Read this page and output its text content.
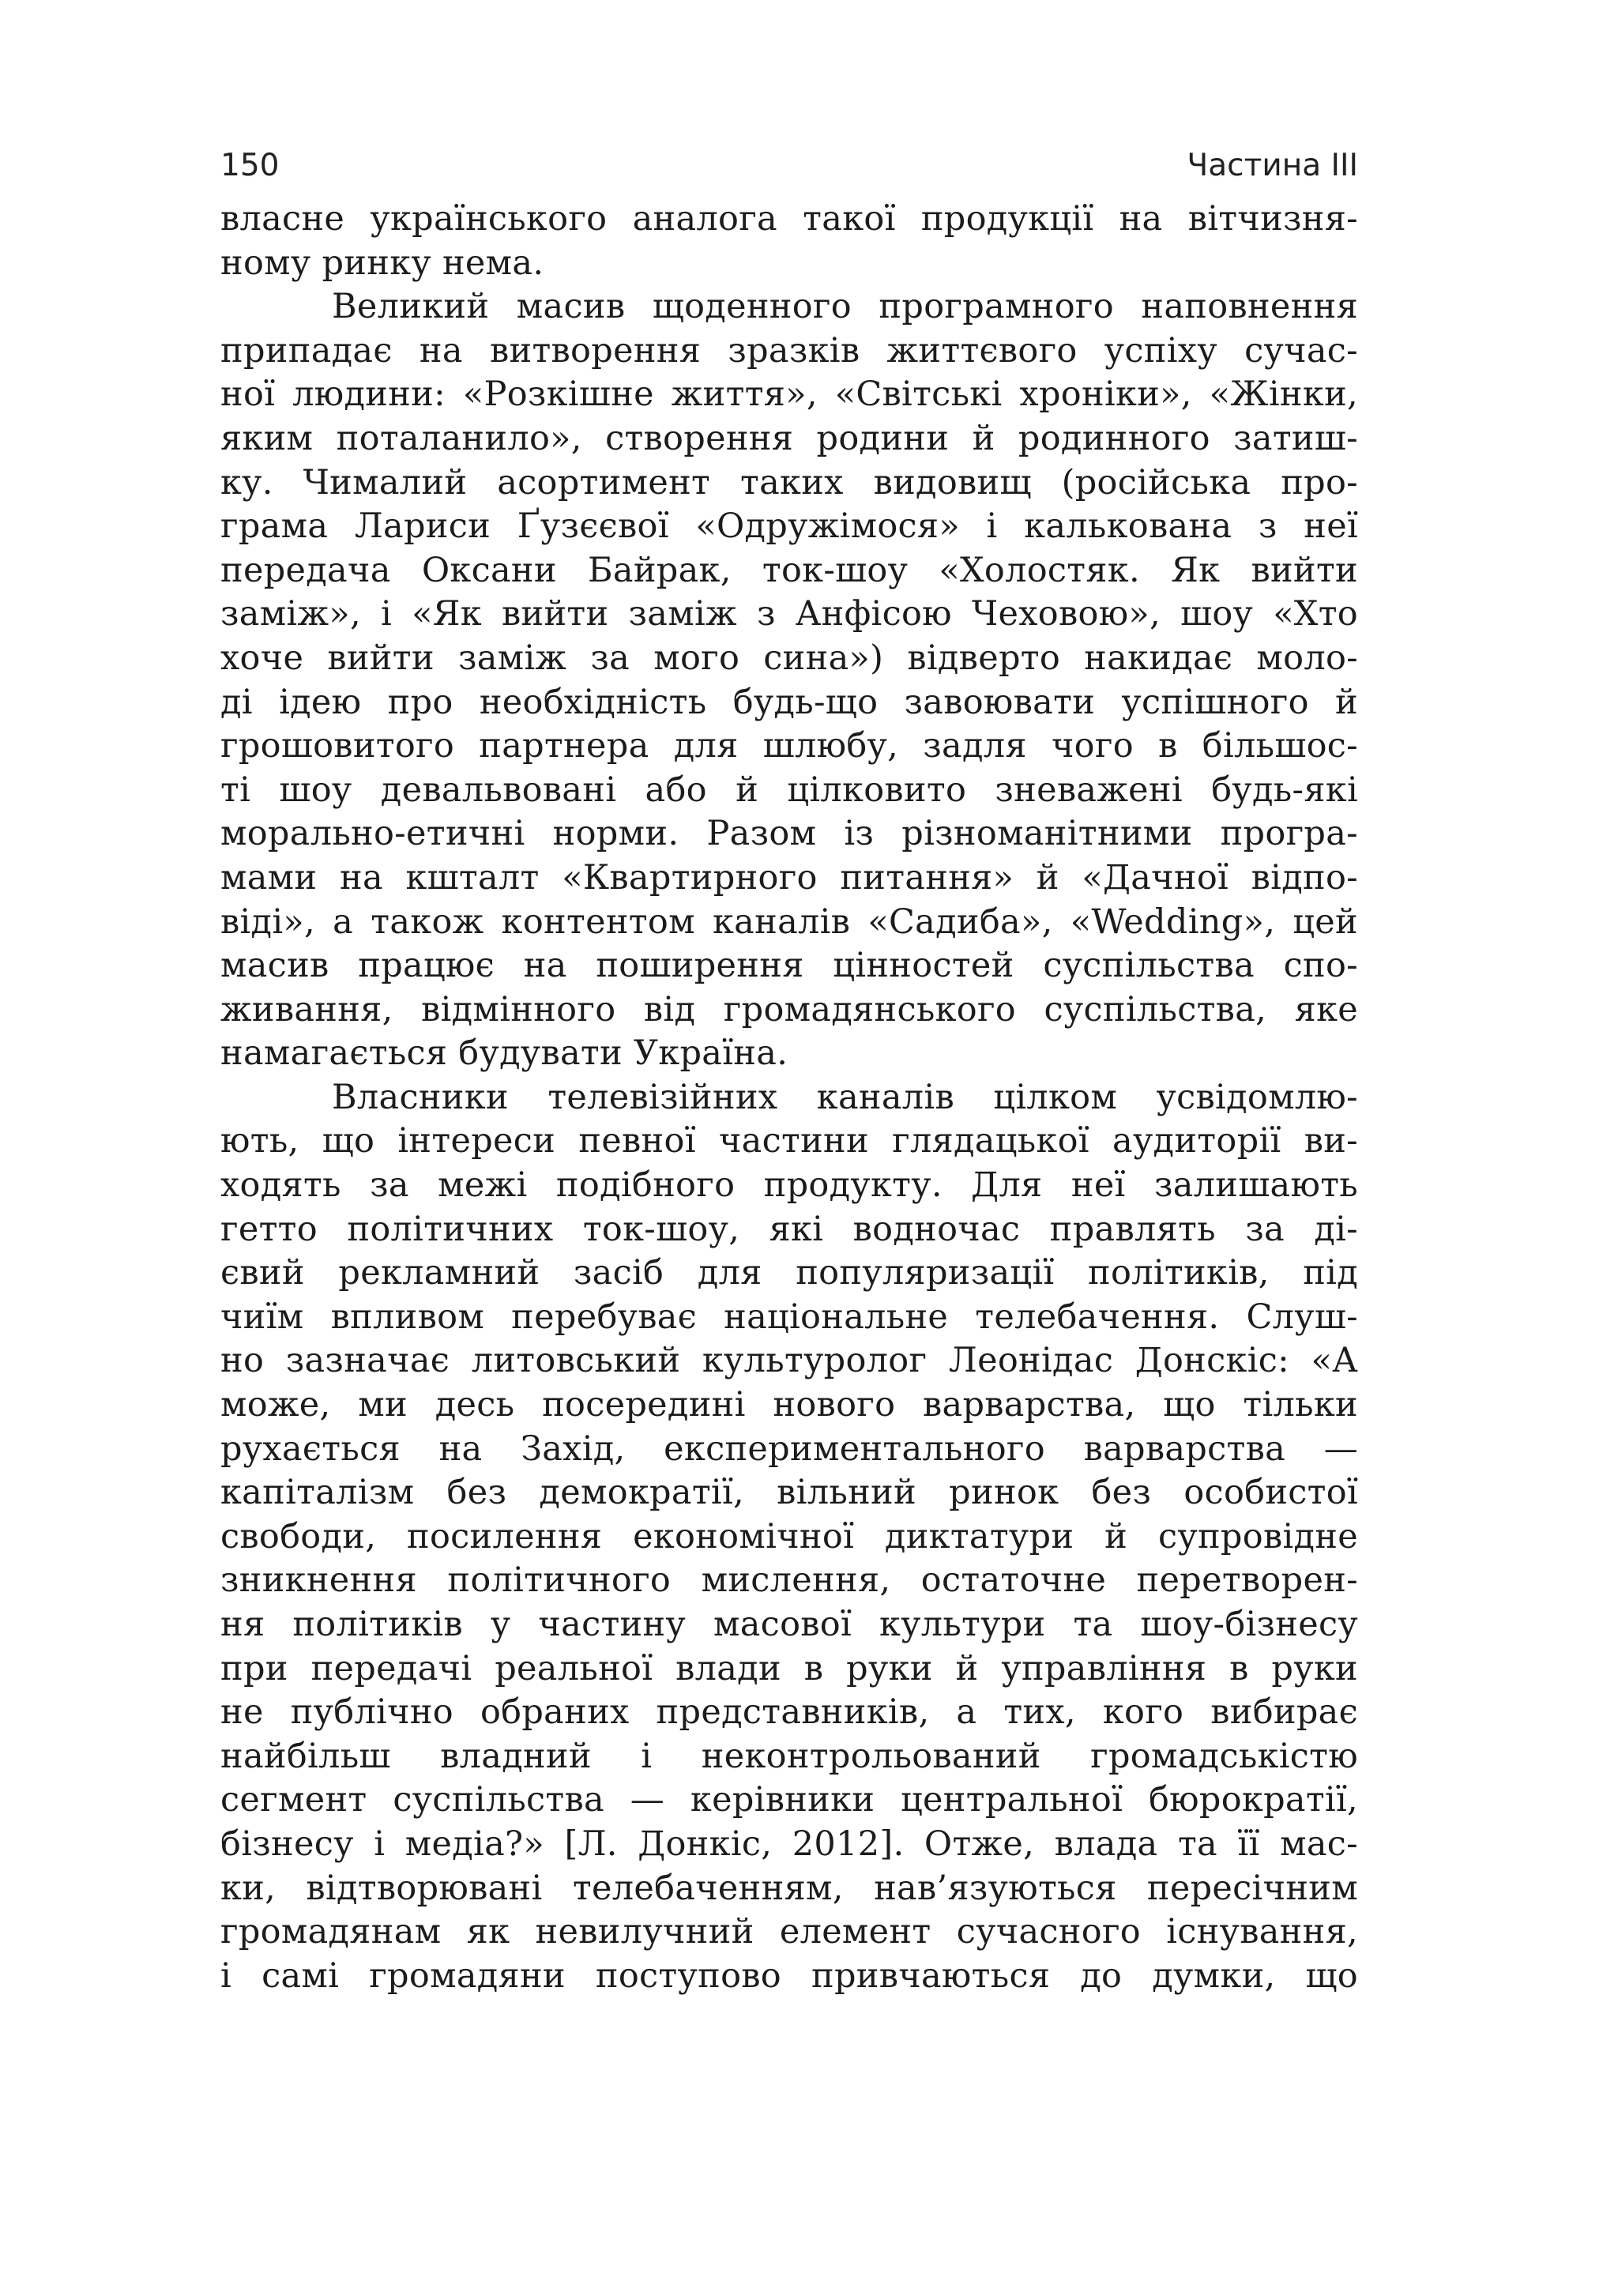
150	Частина III
власне українського аналога такої продукції на вітчизня-
ному ринку нема.
Великий масив щоденного програмного наповнення
припадає на витворення зразків життєвого успіху сучас-
ної людини: «Розкішне життя», «Світські хроніки», «Жінки,
яким поталанило», створення родини й родинного затиш-
ку. Чималий асортимент таких видовищ (російська про-
грама Лариси Ґузєєвої «Одружімося» і калькована з неї
передача Оксани Байрак, ток-шоу «Холостяк. Як вийти
заміж», і «Як вийти заміж з Анфісою Чеховою», шоу «Хто
хоче вийти заміж за мого сина») відверто накидає моло-
ді ідею про необхідність будь-що завоювати успішного й
грошовитого партнера для шлюбу, задля чого в більшос-
ті шоу девальвовані або й цілковито зневажені будь-які
морально-етичні норми. Разом із різноманітними програ-
мами на кшталт «Квартирного питання» й «Дачної відпо-
віді», а також контентом каналів «Садиба», «Wedding», цей
масив працює на поширення цінностей суспільства спо-
живання, відмінного від громадянського суспільства, яке
намагається будувати Україна.
Власники телевізійних каналів цілком усвідомлю-
ють, що інтереси певної частини глядацької аудиторії ви-
ходять за межі подібного продукту. Для неї залишають
гетто політичних ток-шоу, які водночас правлять за ді-
євий рекламний засіб для популяризації політиків, під
чиїм впливом перебуває національне телебачення. Слуш-
но зазначає литовський культуролог Леонідас Донскіс: «А
може, ми десь посередині нового варварства, що тільки
рухається на Захід, експериментального варварства —
капіталізм без демократії, вільний ринок без особистої
свободи, посилення економічної диктатури й супровідне
зникнення політичного мислення, остаточне перетворен-
ня політиків у частину масової культури та шоу-бізнесу
при передачі реальної влади в руки й управління в руки
не публічно обраних представників, а тих, кого вибирає
найбільш владний і неконтрольований громадськістю
сегмент суспільства — керівники центральної бюрократії,
бізнесу і медіа?» [Л. Донкіс, 2012]. Отже, влада та її мас-
ки, відтворювані телебаченням, нав’язуються пересічним
громадянам як невилучний елемент сучасного існування,
і самі громадяни поступово привчаються до думки, що
